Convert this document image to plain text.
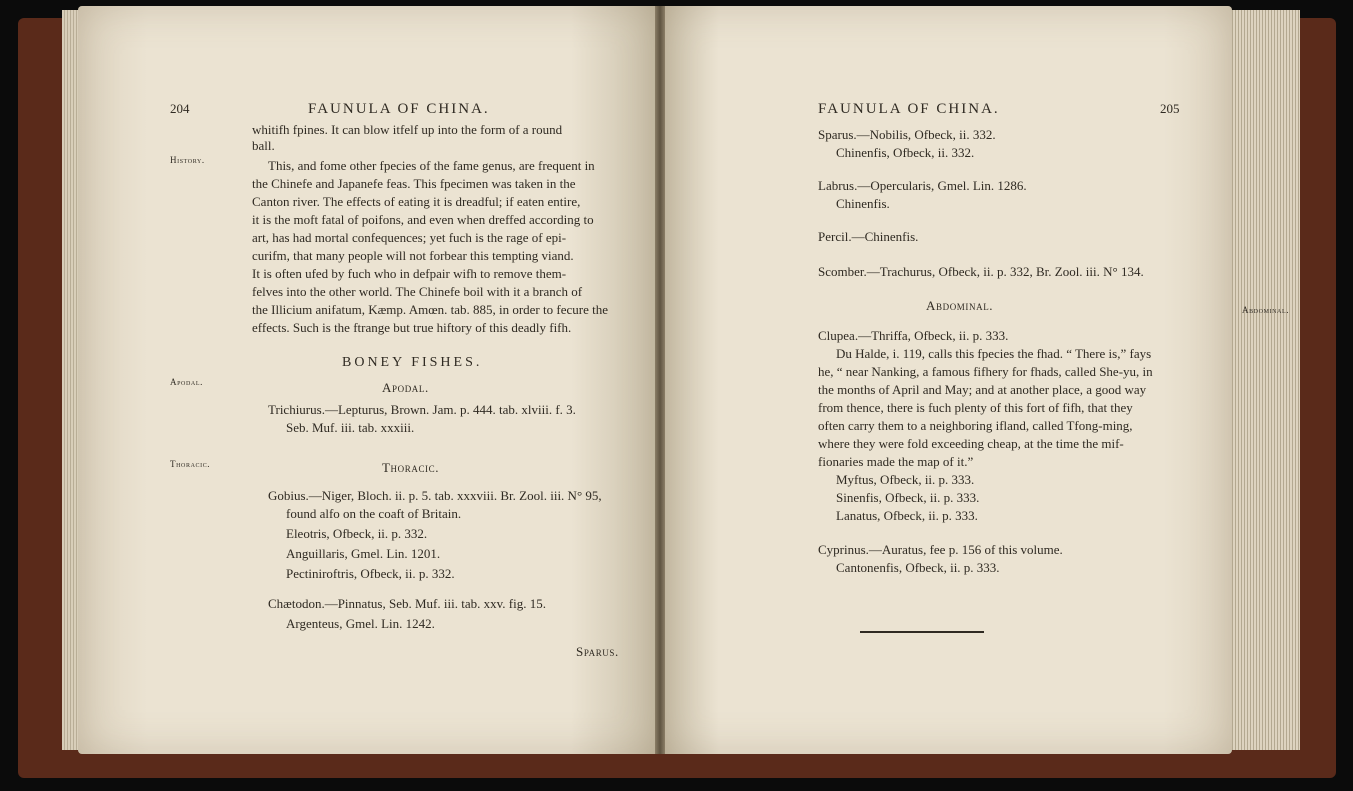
204	FAUNULA OF CHINA.
History.
Apodal.
Thoracic.
whitifh fpines. It can blow itfelf up into the form of a round
ball.
This, and fome other fpecies of the fame genus, are frequent in
the Chinefe and Japanefe feas. This fpecimen was taken in the
Canton river. The effects of eating it is dreadful; if eaten entire,
it is the moft fatal of poifons, and even when dreffed according to
art, has had mortal confequences; yet fuch is the rage of epi-
curifm, that many people will not forbear this tempting viand.
It is often ufed by fuch who in defpair wifh to remove them-
felves into the other world. The Chinefe boil with it a branch of
the Illicium anifatum, Kæmp. Amœn. tab. 885, in order to fecure the
effects. Such is the ftrange but true hiftory of this deadly fifh.
BONEY FISHES.
Apodal.
Trichiurus.—Lepturus, Brown. Jam. p. 444. tab. xlviii. f. 3.
Seb. Muf. iii. tab. xxxiii.
Thoracic.
Gobius.—Niger, Bloch. ii. p. 5. tab. xxxviii. Br. Zool. iii. N° 95,
found alfo on the coaft of Britain.
Eleotris, Ofbeck, ii. p. 332.
Anguillaris, Gmel. Lin. 1201.
Pectiniroftris, Ofbeck, ii. p. 332.
Chætodon.—Pinnatus, Seb. Muf. iii. tab. xxv. fig. 15.
Argenteus, Gmel. Lin. 1242.
Sparus.
FAUNULA OF CHINA.	205
Sparus.—Nobilis, Ofbeck, ii. 332.
Chinenfis, Ofbeck, ii. 332.
Labrus.—Opercularis, Gmel. Lin. 1286.
Chinenfis.
Percil.—Chinenfis.
Scomber.—Trachurus, Ofbeck, ii. p. 332, Br. Zool. iii. N° 134.
Abdominal.	Abdominal.
Clupea.—Thriffa, Ofbeck, ii. p. 333.
Du Halde, i. 119, calls this fpecies the fhad. “ There is,” fays
he, “ near Nanking, a famous fifhery for fhads, called She-yu, in
the months of April and May; and at another place, a good way
from thence, there is fuch plenty of this fort of fifh, that they
often carry them to a neighboring ifland, called Tfong-ming,
where they were fold exceeding cheap, at the time the mif-
fionaries made the map of it.”
Myftus, Ofbeck, ii. p. 333.
Sinenfis, Ofbeck, ii. p. 333.
Lanatus, Ofbeck, ii. p. 333.
Cyprinus.—Auratus, fee p. 156 of this volume.
Cantonenfis, Ofbeck, ii. p. 333.
